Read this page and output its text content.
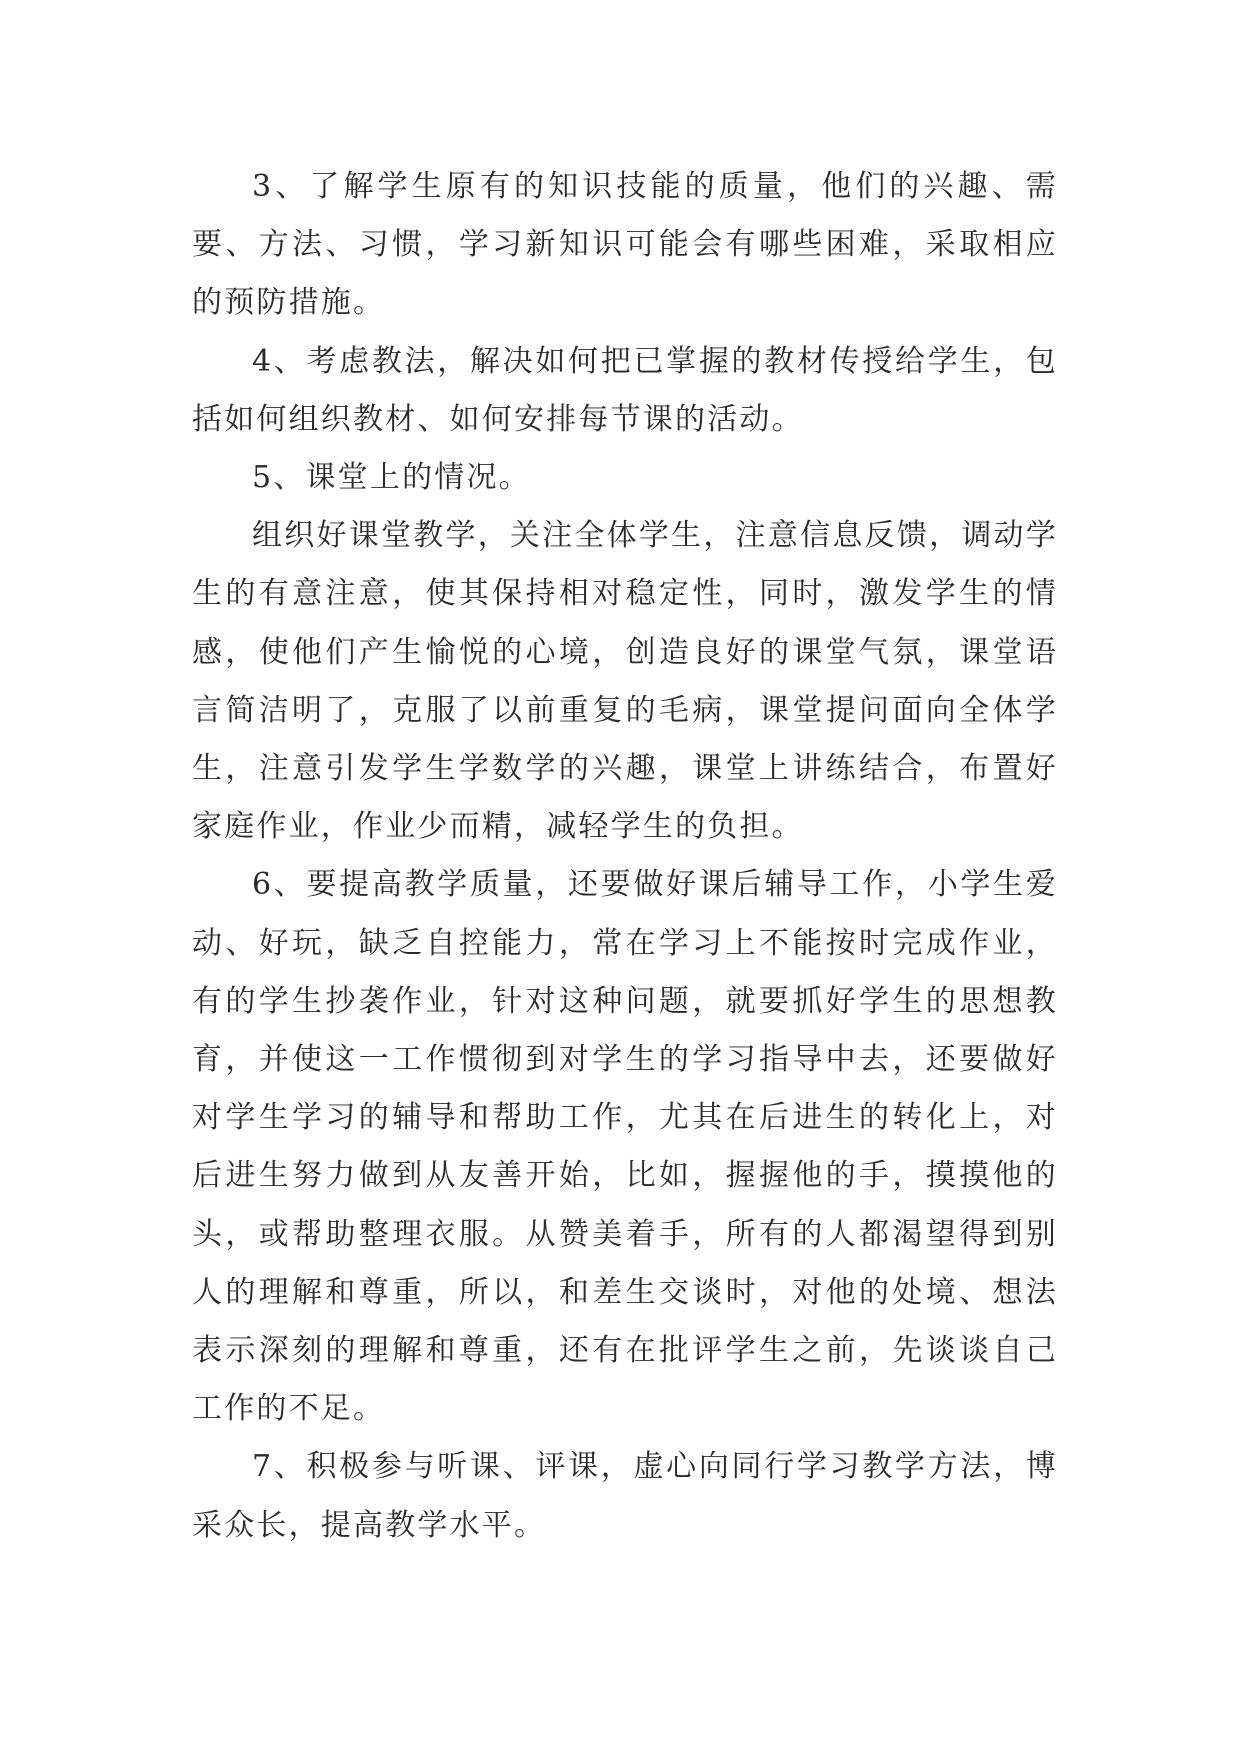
3、了解学生原有的知识技能的质量，他们的兴趣、需要、方法、习惯，学习新知识可能会有哪些困难，采取相应的预防措施。

4、考虑教法，解决如何把已掌握的教材传授给学生，包括如何组织教材、如何安排每节课的活动。

5、课堂上的情况。

组织好课堂教学，关注全体学生，注意信息反馈，调动学生的有意注意，使其保持相对稳定性，同时，激发学生的情感，使他们产生愉悦的心境，创造良好的课堂气氛，课堂语言简洁明了，克服了以前重复的毛病，课堂提问面向全体学生，注意引发学生学数学的兴趣，课堂上讲练结合，布置好家庭作业，作业少而精，减轻学生的负担。

6、要提高教学质量，还要做好课后辅导工作，小学生爱动、好玩，缺乏自控能力，常在学习上不能按时完成作业，有的学生抄袭作业，针对这种问题，就要抓好学生的思想教育，并使这一工作惯彻到对学生的学习指导中去，还要做好对学生学习的辅导和帮助工作，尤其在后进生的转化上，对后进生努力做到从友善开始，比如，握握他的手，摸摸他的头，或帮助整理衣服。从赞美着手，所有的人都渴望得到别人的理解和尊重，所以，和差生交谈时，对他的处境、想法表示深刻的理解和尊重，还有在批评学生之前，先谈谈自己工作的不足。

7、积极参与听课、评课，虚心向同行学习教学方法，博采众长，提高教学水平。
